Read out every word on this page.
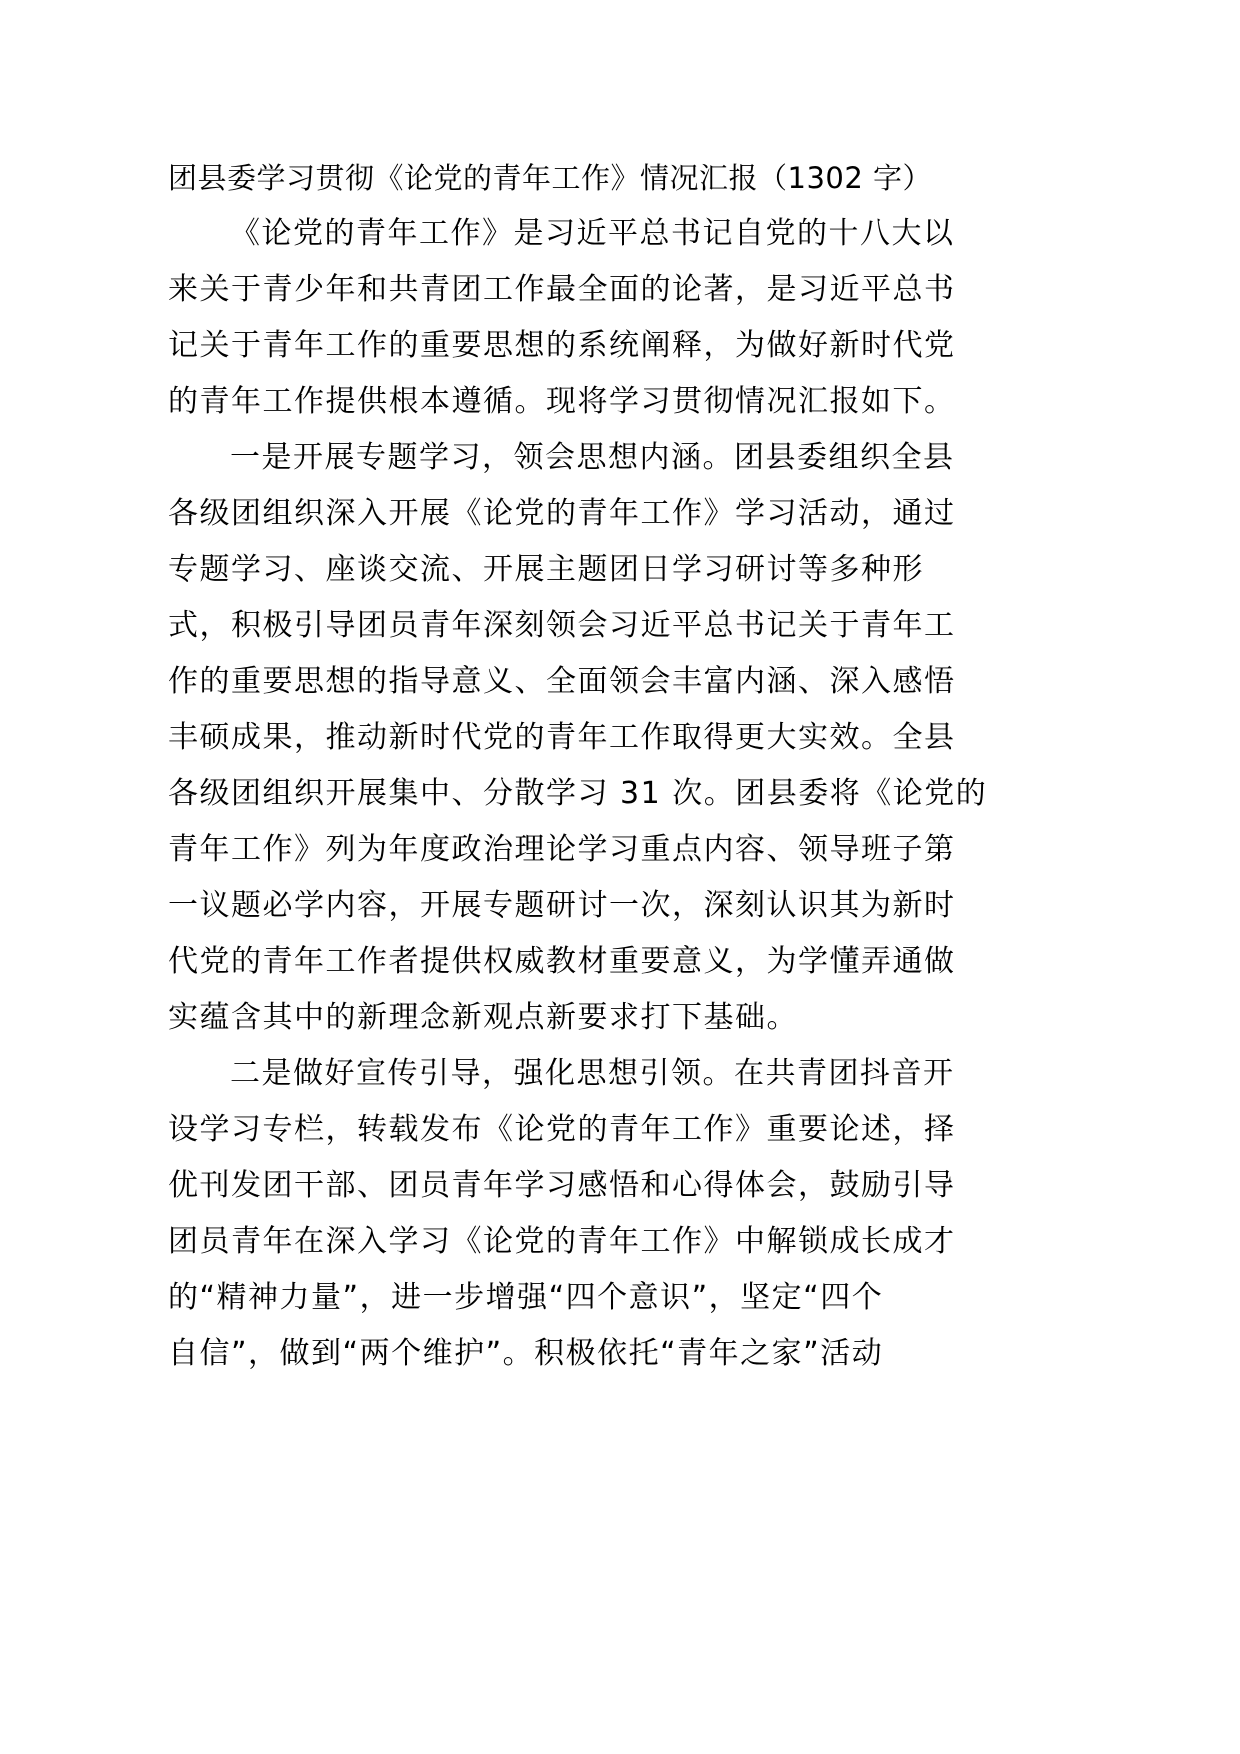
团县委学习贯彻《论党的青年工作》情况汇报（1302 字）
《论党的青年工作》是习近平总书记自党的十八大以
来关于青少年和共青团工作最全面的论著，是习近平总书
记关于青年工作的重要思想的系统阐释，为做好新时代党
的青年工作提供根本遵循。现将学习贯彻情况汇报如下。
一是开展专题学习，领会思想内涵。团县委组织全县
各级团组织深入开展《论党的青年工作》学习活动，通过
专题学习、座谈交流、开展主题团日学习研讨等多种形
式，积极引导团员青年深刻领会习近平总书记关于青年工
作的重要思想的指导意义、全面领会丰富内涵、深入感悟
丰硕成果，推动新时代党的青年工作取得更大实效。全县
各级团组织开展集中、分散学习 31 次。团县委将《论党的
青年工作》列为年度政治理论学习重点内容、领导班子第
一议题必学内容，开展专题研讨一次，深刻认识其为新时
代党的青年工作者提供权威教材重要意义，为学懂弄通做
实蕴含其中的新理念新观点新要求打下基础。
二是做好宣传引导，强化思想引领。在共青团抖音开
设学习专栏，转载发布《论党的青年工作》重要论述，择
优刊发团干部、团员青年学习感悟和心得体会，鼓励引导
团员青年在深入学习《论党的青年工作》中解锁成长成才
的“精神力量”，进一步增强“四个意识”，坚定“四个
自信”，做到“两个维护”。积极依托“青年之家”活动
